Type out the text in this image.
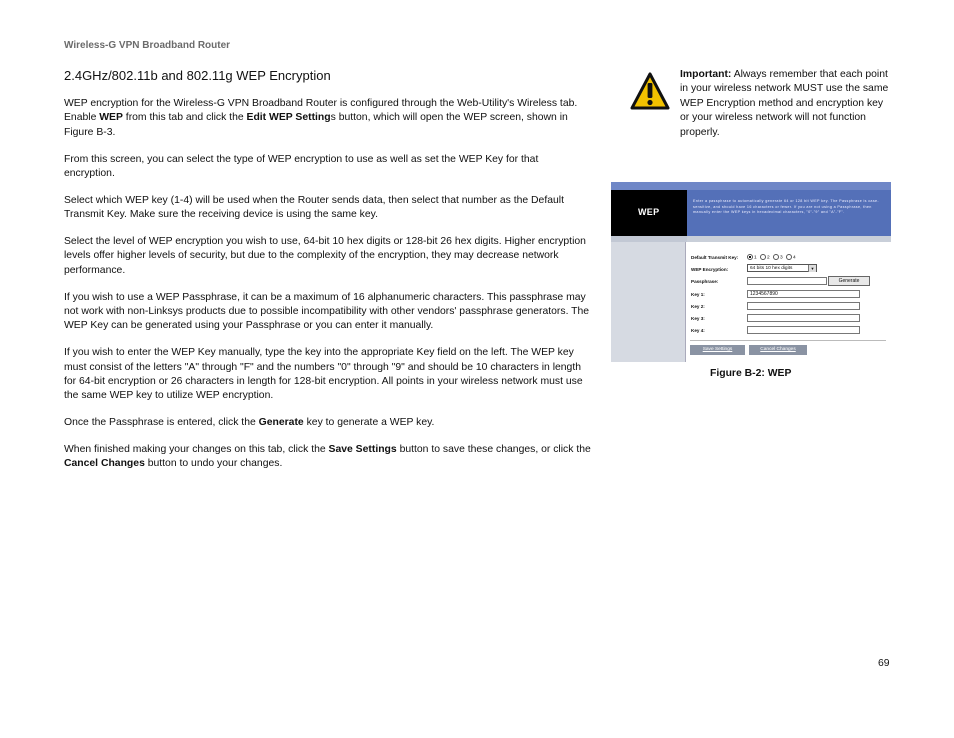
Wireless-G VPN Broadband Router
2.4GHz/802.11b and 802.11g WEP Encryption

WEP encryption for the Wireless-G VPN Broadband Router is configured through the Web-Utility's Wireless tab. Enable WEP from this tab and click the Edit WEP Settings button, which will open the WEP screen, shown in Figure B-3.

From this screen, you can select the type of WEP encryption to use as well as set the WEP Key for that encryption.

Select which WEP key (1-4) will be used when the Router sends data, then select that number as the Default Transmit Key. Make sure the receiving device is using the same key.

Select the level of WEP encryption you wish to use, 64-bit 10 hex digits or 128-bit 26 hex digits. Higher encryption levels offer higher levels of security, but due to the complexity of the encryption, they may decrease network performance.

If you wish to use a WEP Passphrase, it can be a maximum of 16 alphanumeric characters. This passphrase may not work with non-Linksys products due to possible incompatibility with other vendors' passphrase generators. The WEP Key can be generated using your Passphrase or you can enter it manually.

If you wish to enter the WEP Key manually, type the key into the appropriate Key field on the left. The WEP key must consist of the letters "A" through "F" and the numbers "0" through "9" and should be 10 characters in length for 64-bit encryption or 26 characters in length for 128-bit encryption. All points in your wireless network must use the same WEP key to utilize WEP encryption.

Once the Passphrase is entered, click the Generate key to generate a WEP key.

When finished making your changes on this tab, click the Save Settings button to save these changes, or click the Cancel Changes button to undo your changes.

Important: Always remember that each point in your wireless network MUST use the same WEP Encryption method and encryption key or your wireless network will not function properly.
WEP
Enter a passphrase to automatically generate 64 or 128 bit WEP key. The Passphrase is case-sensitive, and should have 16 characters or fewer. If you are not using a Passphrase, then manually enter the WEP keys in hexadecimal characters, "0"-"9" and "A"-"F".
Default Transmit Key:	1 2 3 4
WEP Encryption:	64 bits 10 hex digits	▼
Passphrase:	Generate
Key 1:	1234567890
Key 2:
Key 3:
Key 4:
Save Settings	Cancel Changes
Figure B-2: WEP
69
